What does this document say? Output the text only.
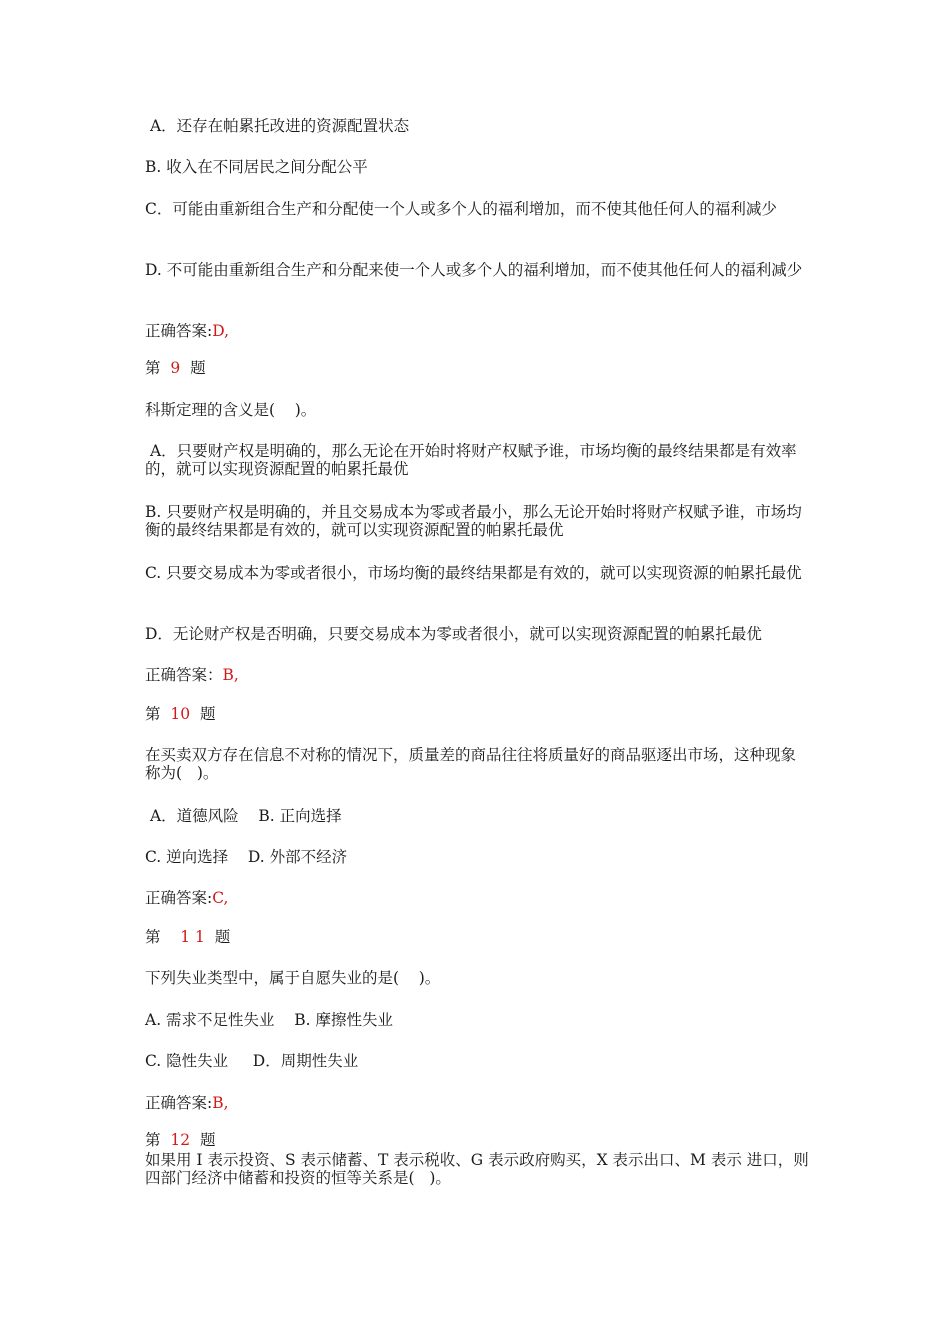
A．还存在帕累托改进的资源配置状态
B. 收入在不同居民之间分配公平
C．可能由重新组合生产和分配使一个人或多个人的福利增加，而不使其他任何人的福利减少
D. 不可能由重新组合生产和分配来使一个人或多个人的福利增加，而不使其他任何人的福利减少
正确答案:D,
第 9 题
科斯定理的含义是(    )。
A．只要财产权是明确的，那么无论在开始时将财产权赋予谁，市场均衡的最终结果都是有效率的，就可以实现资源配置的帕累托最优
B. 只要财产权是明确的，并且交易成本为零或者最小，那么无论开始时将财产权赋予谁，市场均衡的最终结果都是有效的，就可以实现资源配置的帕累托最优
C. 只要交易成本为零或者很小，市场均衡的最终结果都是有效的，就可以实现资源的帕累托最优
D．无论财产权是否明确，只要交易成本为零或者很小，就可以实现资源配置的帕累托最优
正确答案：B,
第 10 题
在买卖双方存在信息不对称的情况下，质量差的商品往往将质量好的商品驱逐出市场，这种现象称为(   )。
A．道德风险    B. 正向选择
C. 逆向选择    D. 外部不经济
正确答案:C,
第 1 1 题
下列失业类型中，属于自愿失业的是(    )。
A. 需求不足性失业    B. 摩擦性失业
C. 隐性失业     D．周期性失业
正确答案:B,
第 12 题
如果用 I 表示投资、S 表示储蓄、T 表示税收、G 表示政府购买，X 表示出口、M 表示 进口，则四部门经济中储蓄和投资的恒等关系是(   )。
